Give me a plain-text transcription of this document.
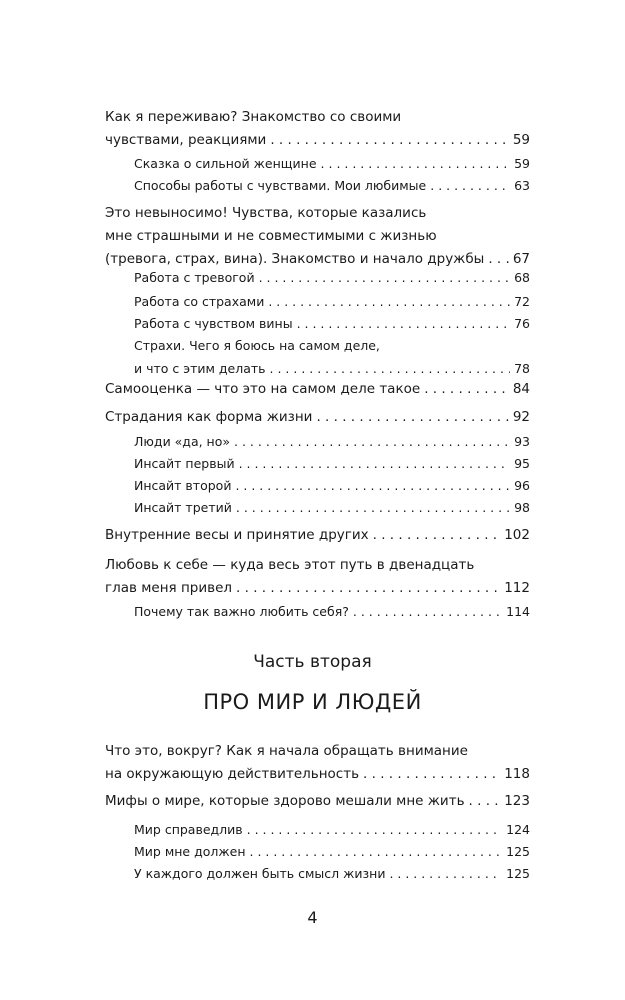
Как я переживаю? Знакомство со своими
чувствами, реакциями . . .	59
Сказка о сильной женщине . . .	59
Способы работы с чувствами. Мои любимые . . .	63
Это невыносимо! Чувства, которые казались
мне страшными и не совместимыми с жизнью
(тревога, страх, вина). Знакомство и начало дружбы . . . 67
Работа с тревогой . . .	68
Работа со страхами . . .	72
Работа с чувством вины . . .	76
Страхи. Чего я боюсь на самом деле,
и что с этим делать . . .	78
Самооценка — что это на самом деле такое . . .	84
Страдания как форма жизни . . .	92
Люди «да, но» . . .	93
Инсайт первый . . .	95
Инсайт второй . . .	96
Инсайт третий . . .	98
Внутренние весы и принятие других . . .	102
Любовь к себе — куда весь этот путь в двенадцать
глав меня привел . . .	112
Почему так важно любить себя? . . .	114
Часть вторая
ПРО МИР И ЛЮДЕЙ
Что это, вокруг? Как я начала обращать внимание
на окружающую действительность . . .	118
Мифы о мире, которые здорово мешали мне жить . . .	123
Мир справедлив . . .	124
Мир мне должен . . .	125
У каждого должен быть смысл жизни . . .	125
4
